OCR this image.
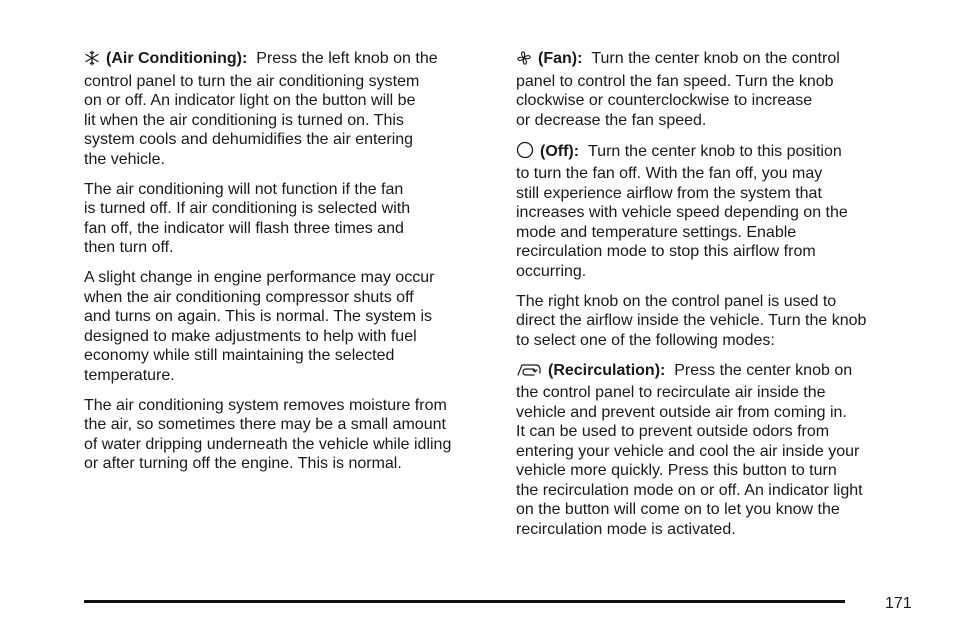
(Air Conditioning): Press the left knob on the
control panel to turn the air conditioning system
on or off. An indicator light on the button will be
lit when the air conditioning is turned on. This
system cools and dehumidifies the air entering
the vehicle.

The air conditioning will not function if the fan
is turned off. If air conditioning is selected with
fan off, the indicator will flash three times and
then turn off.

A slight change in engine performance may occur
when the air conditioning compressor shuts off
and turns on again. This is normal. The system is
designed to make adjustments to help with fuel
economy while still maintaining the selected
temperature.

The air conditioning system removes moisture from
the air, so sometimes there may be a small amount
of water dripping underneath the vehicle while idling
or after turning off the engine. This is normal.

(Fan): Turn the center knob on the control
panel to control the fan speed. Turn the knob
clockwise or counterclockwise to increase
or decrease the fan speed.

(Off): Turn the center knob to this position
to turn the fan off. With the fan off, you may
still experience airflow from the system that
increases with vehicle speed depending on the
mode and temperature settings. Enable
recirculation mode to stop this airflow from
occurring.

The right knob on the control panel is used to
direct the airflow inside the vehicle. Turn the knob
to select one of the following modes:

(Recirculation): Press the center knob on
the control panel to recirculate air inside the
vehicle and prevent outside air from coming in.
It can be used to prevent outside odors from
entering your vehicle and cool the air inside your
vehicle more quickly. Press this button to turn
the recirculation mode on or off. An indicator light
on the button will come on to let you know the
recirculation mode is activated.

171
